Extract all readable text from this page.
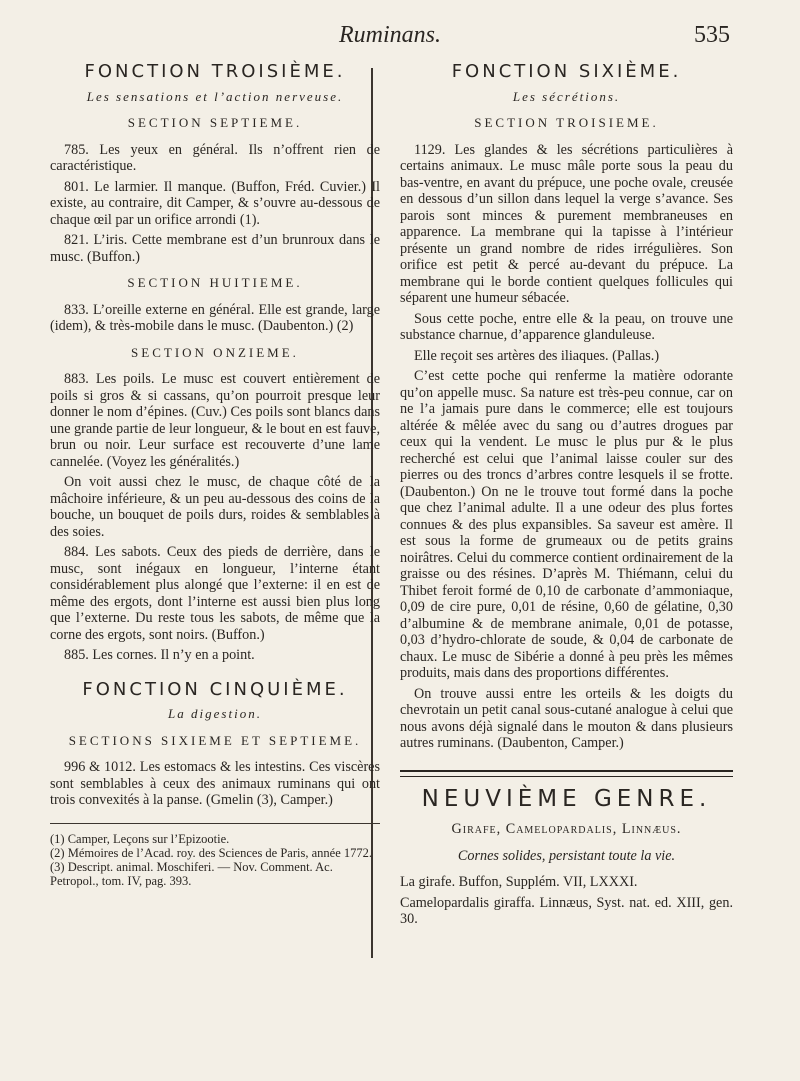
Ruminans.	535
FONCTION TROISIÈME.
Les sensations et l’action nerveuse.
SECTION SEPTIEME.

785. Les yeux en général. Ils n’offrent rien de caractéristique.

801. Le larmier. Il manque. (Buffon, Fréd. Cuvier.) Il existe, au contraire, dit Camper, & s’ouvre au-dessous de chaque œil par un orifice arrondi (1).

821. L’iris. Cette membrane est d’un brunroux dans le musc. (Buffon.)

SECTION HUITIEME.

833. L’oreille externe en général. Elle est grande, large (idem), & très-mobile dans le musc. (Daubenton.) (2)

SECTION ONZIEME.

883. Les poils. Le musc est couvert entièrement de poils si gros & si cassans, qu’on pourroit presque leur donner le nom d’épines. (Cuv.) Ces poils sont blancs dans une grande partie de leur longueur, & le bout en est fauve, brun ou noir. Leur surface est recouverte d’une lame cannelée. (Voyez les généralités.)

On voit aussi chez le musc, de chaque côté de la mâchoire inférieure, & un peu au-dessous des coins de la bouche, un bouquet de poils durs, roides & semblables à des soies.

884. Les sabots. Ceux des pieds de derrière, dans le musc, sont inégaux en longueur, l’interne étant considérablement plus alongé que l’externe: il en est de même des ergots, dont l’interne est aussi bien plus long que l’externe. Du reste tous les sabots, de même que la corne des ergots, sont noirs. (Buffon.)

885. Les cornes. Il n’y en a point.

FONCTION CINQUIÈME.
La digestion.
SECTIONS SIXIEME ET SEPTIEME.

996 & 1012. Les estomacs & les intestins. Ces viscères sont semblables à ceux des animaux ruminans qui ont trois convexités à la panse. (Gmelin (3), Camper.)

(1) Camper, Leçons sur l’Epizootie.

(2) Mémoires de l’Acad. roy. des Sciences de Paris, année 1772.

(3) Descript. animal. Moschiferi. — Nov. Comment. Ac. Petropol., tom. IV, pag. 393.

FONCTION SIXIÈME.
Les sécrétions.
SECTION TROISIEME.

1129. Les glandes & les sécrétions particulières à certains animaux. Le musc mâle porte sous la peau du bas-ventre, en avant du prépuce, une poche ovale, creusée en dessous d’un sillon dans lequel la verge s’avance. Ses parois sont minces & purement membraneuses en apparence. La membrane qui la tapisse à l’intérieur présente un grand nombre de rides irrégulières. Son orifice est petit & percé au-devant du prépuce. La membrane qui le borde contient quelques follicules qui séparent une humeur sébacée.

Sous cette poche, entre elle & la peau, on trouve une substance charnue, d’apparence glanduleuse.

Elle reçoit ses artères des iliaques. (Pallas.)

C’est cette poche qui renferme la matière odorante qu’on appelle musc. Sa nature est très-peu connue, car on ne l’a jamais pure dans le commerce; elle est toujours altérée & mêlée avec du sang ou d’autres drogues par ceux qui la vendent. Le musc le plus pur & le plus recherché est celui que l’animal laisse couler sur des pierres ou des troncs d’arbres contre lesquels il se frotte. (Daubenton.) On ne le trouve tout formé dans la poche que chez l’animal adulte. Il a une odeur des plus fortes connues & des plus expansibles. Sa saveur est amère. Il est sous la forme de grumeaux ou de petits grains noirâtres. Celui du commerce contient ordinairement de la graisse ou des résines. D’après M. Thiémann, celui du Thibet feroit formé de 0,10 de carbonate d’ammoniaque, 0,09 de cire pure, 0,01 de résine, 0,60 de gélatine, 0,30 d’albumine & de membrane animale, 0,01 de potasse, 0,03 d’hydro-chlorate de soude, & 0,04 de carbonate de chaux. Le musc de Sibérie a donné à peu près les mêmes produits, mais dans des proportions différentes.

On trouve aussi entre les orteils & les doigts du chevrotain un petit canal sous-cutané analogue à celui que nous avons déjà signalé dans le mouton & dans plusieurs autres ruminans. (Daubenton, Camper.)

NEUVIÈME GENRE.

Girafe, Camelopardalis, Linnæus.

Cornes solides, persistant toute la vie.

La girafe. Buffon, Supplém. VII, LXXXI.

Camelopardalis giraffa. Linnæus, Syst. nat. ed. XIII, gen. 30.
